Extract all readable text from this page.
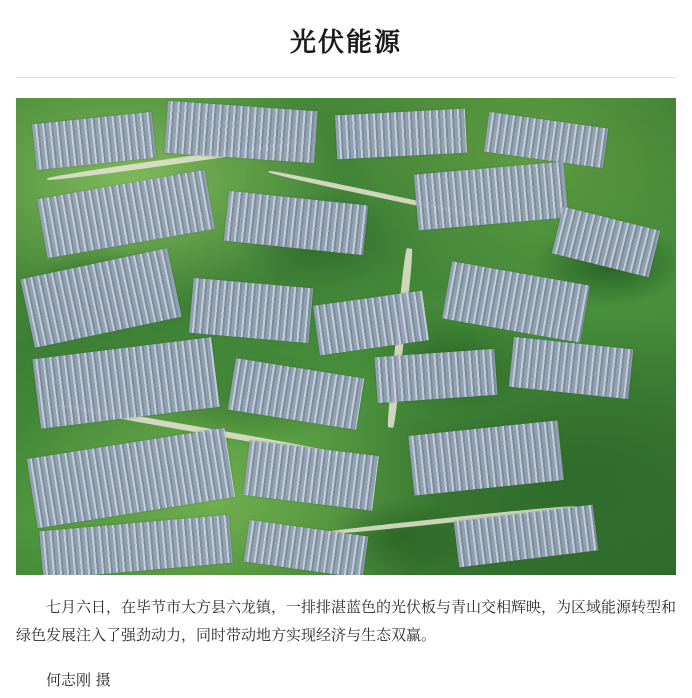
光伏能源
七月六日，在毕节市大方县六龙镇，一排排湛蓝色的光伏板与青山交相辉映，为区域能源转型和绿色发展注入了强劲动力，同时带动地方实现经济与生态双赢。
何志刚 摄
